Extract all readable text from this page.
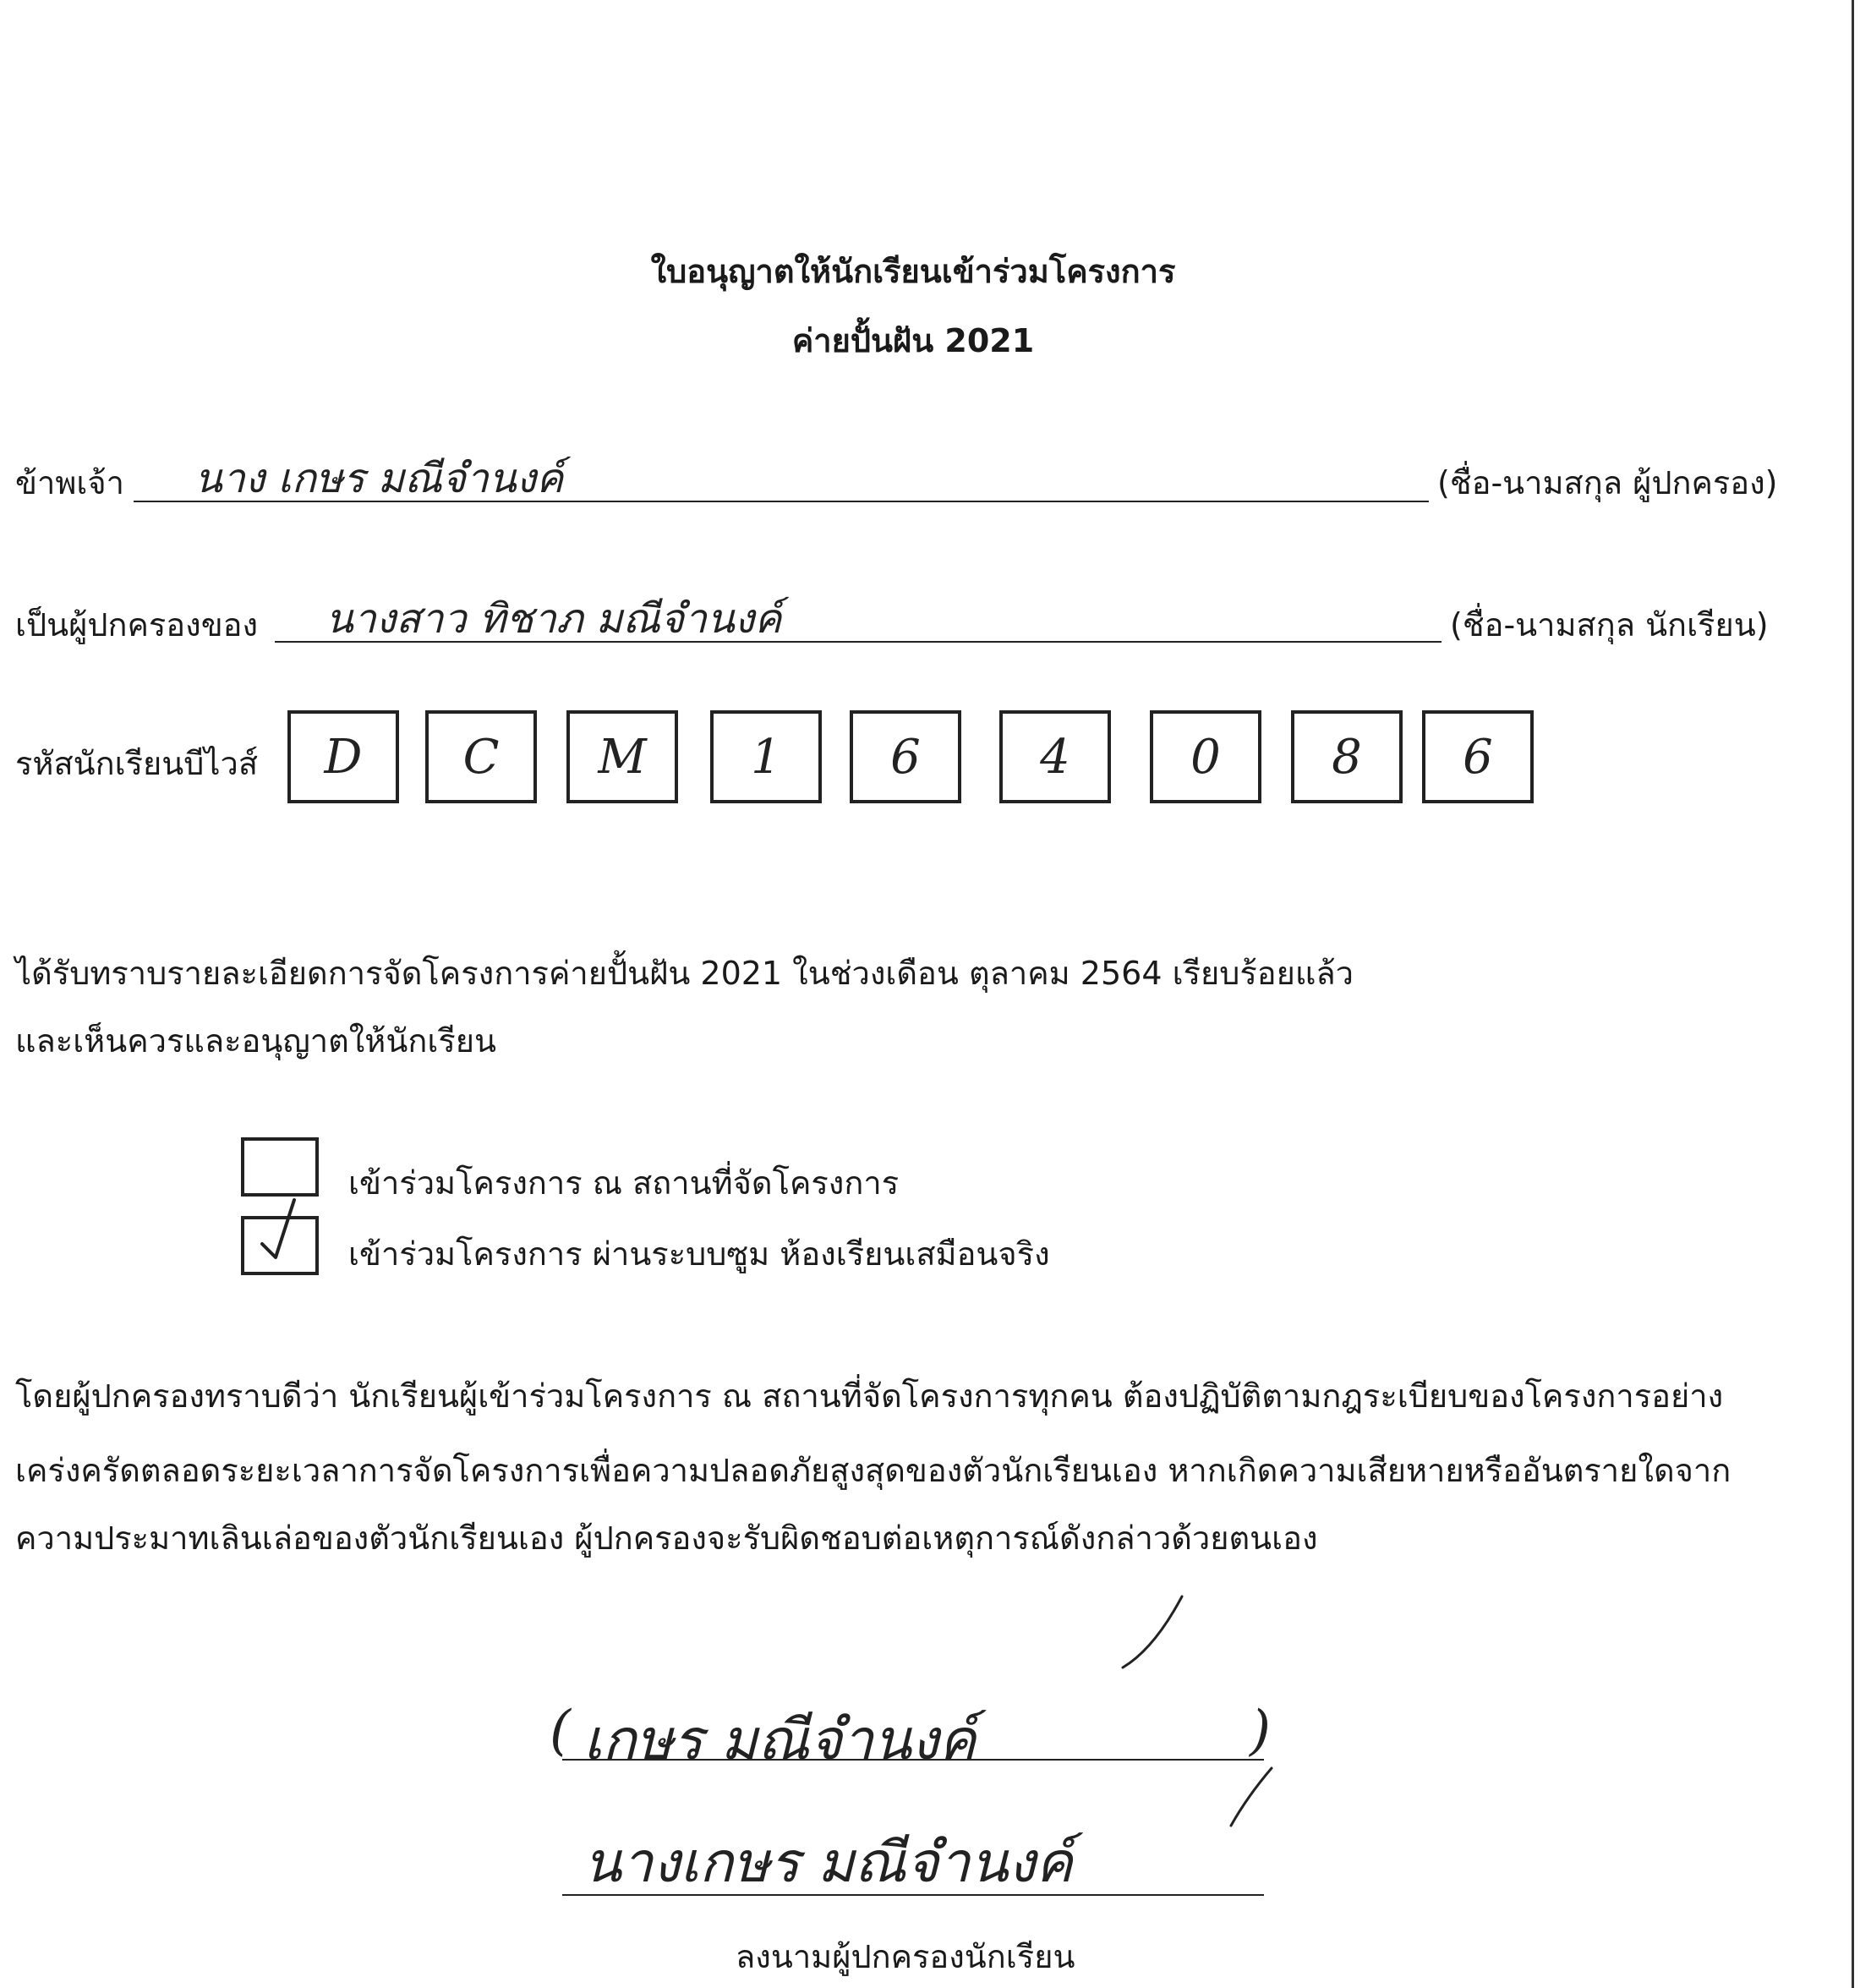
ใบอนุญาตให้นักเรียนเข้าร่วมโครงการ
ค่ายปั้นฝัน 2021
ข้าพเจ้า นาง เกษร มณีจำนงค์	(ชื่อ-นามสกุล ผู้ปกครอง)
เป็นผู้ปกครองของ นางสาว ทิชาภ มณีจำนงค์	(ชื่อ-นามสกุล นักเรียน)
รหัสนักเรียนบีไวส์	D	C	M	1	6	4	0	8	6
ได้รับทราบรายละเอียดการจัดโครงการค่ายปั้นฝัน 2021 ในช่วงเดือน ตุลาคม 2564 เรียบร้อยแล้ว
และเห็นควรและอนุญาตให้นักเรียน
เข้าร่วมโครงการ ณ สถานที่จัดโครงการ
เข้าร่วมโครงการ ผ่านระบบซูม ห้องเรียนเสมือนจริง
โดยผู้ปกครองทราบดีว่า นักเรียนผู้เข้าร่วมโครงการ ณ สถานที่จัดโครงการทุกคน ต้องปฏิบัติตามกฎระเบียบของโครงการอย่าง
เคร่งครัดตลอดระยะเวลาการจัดโครงการเพื่อความปลอดภัยสูงสุดของตัวนักเรียนเอง หากเกิดความเสียหายหรืออันตรายใดจาก
ความประมาทเลินเล่อของตัวนักเรียนเอง ผู้ปกครองจะรับผิดชอบต่อเหตุการณ์ดังกล่าวด้วยตนเอง
( เกษร มณีจำนงค์	)
นางเกษร มณีจำนงค์
ลงนามผู้ปกครองนักเรียน
